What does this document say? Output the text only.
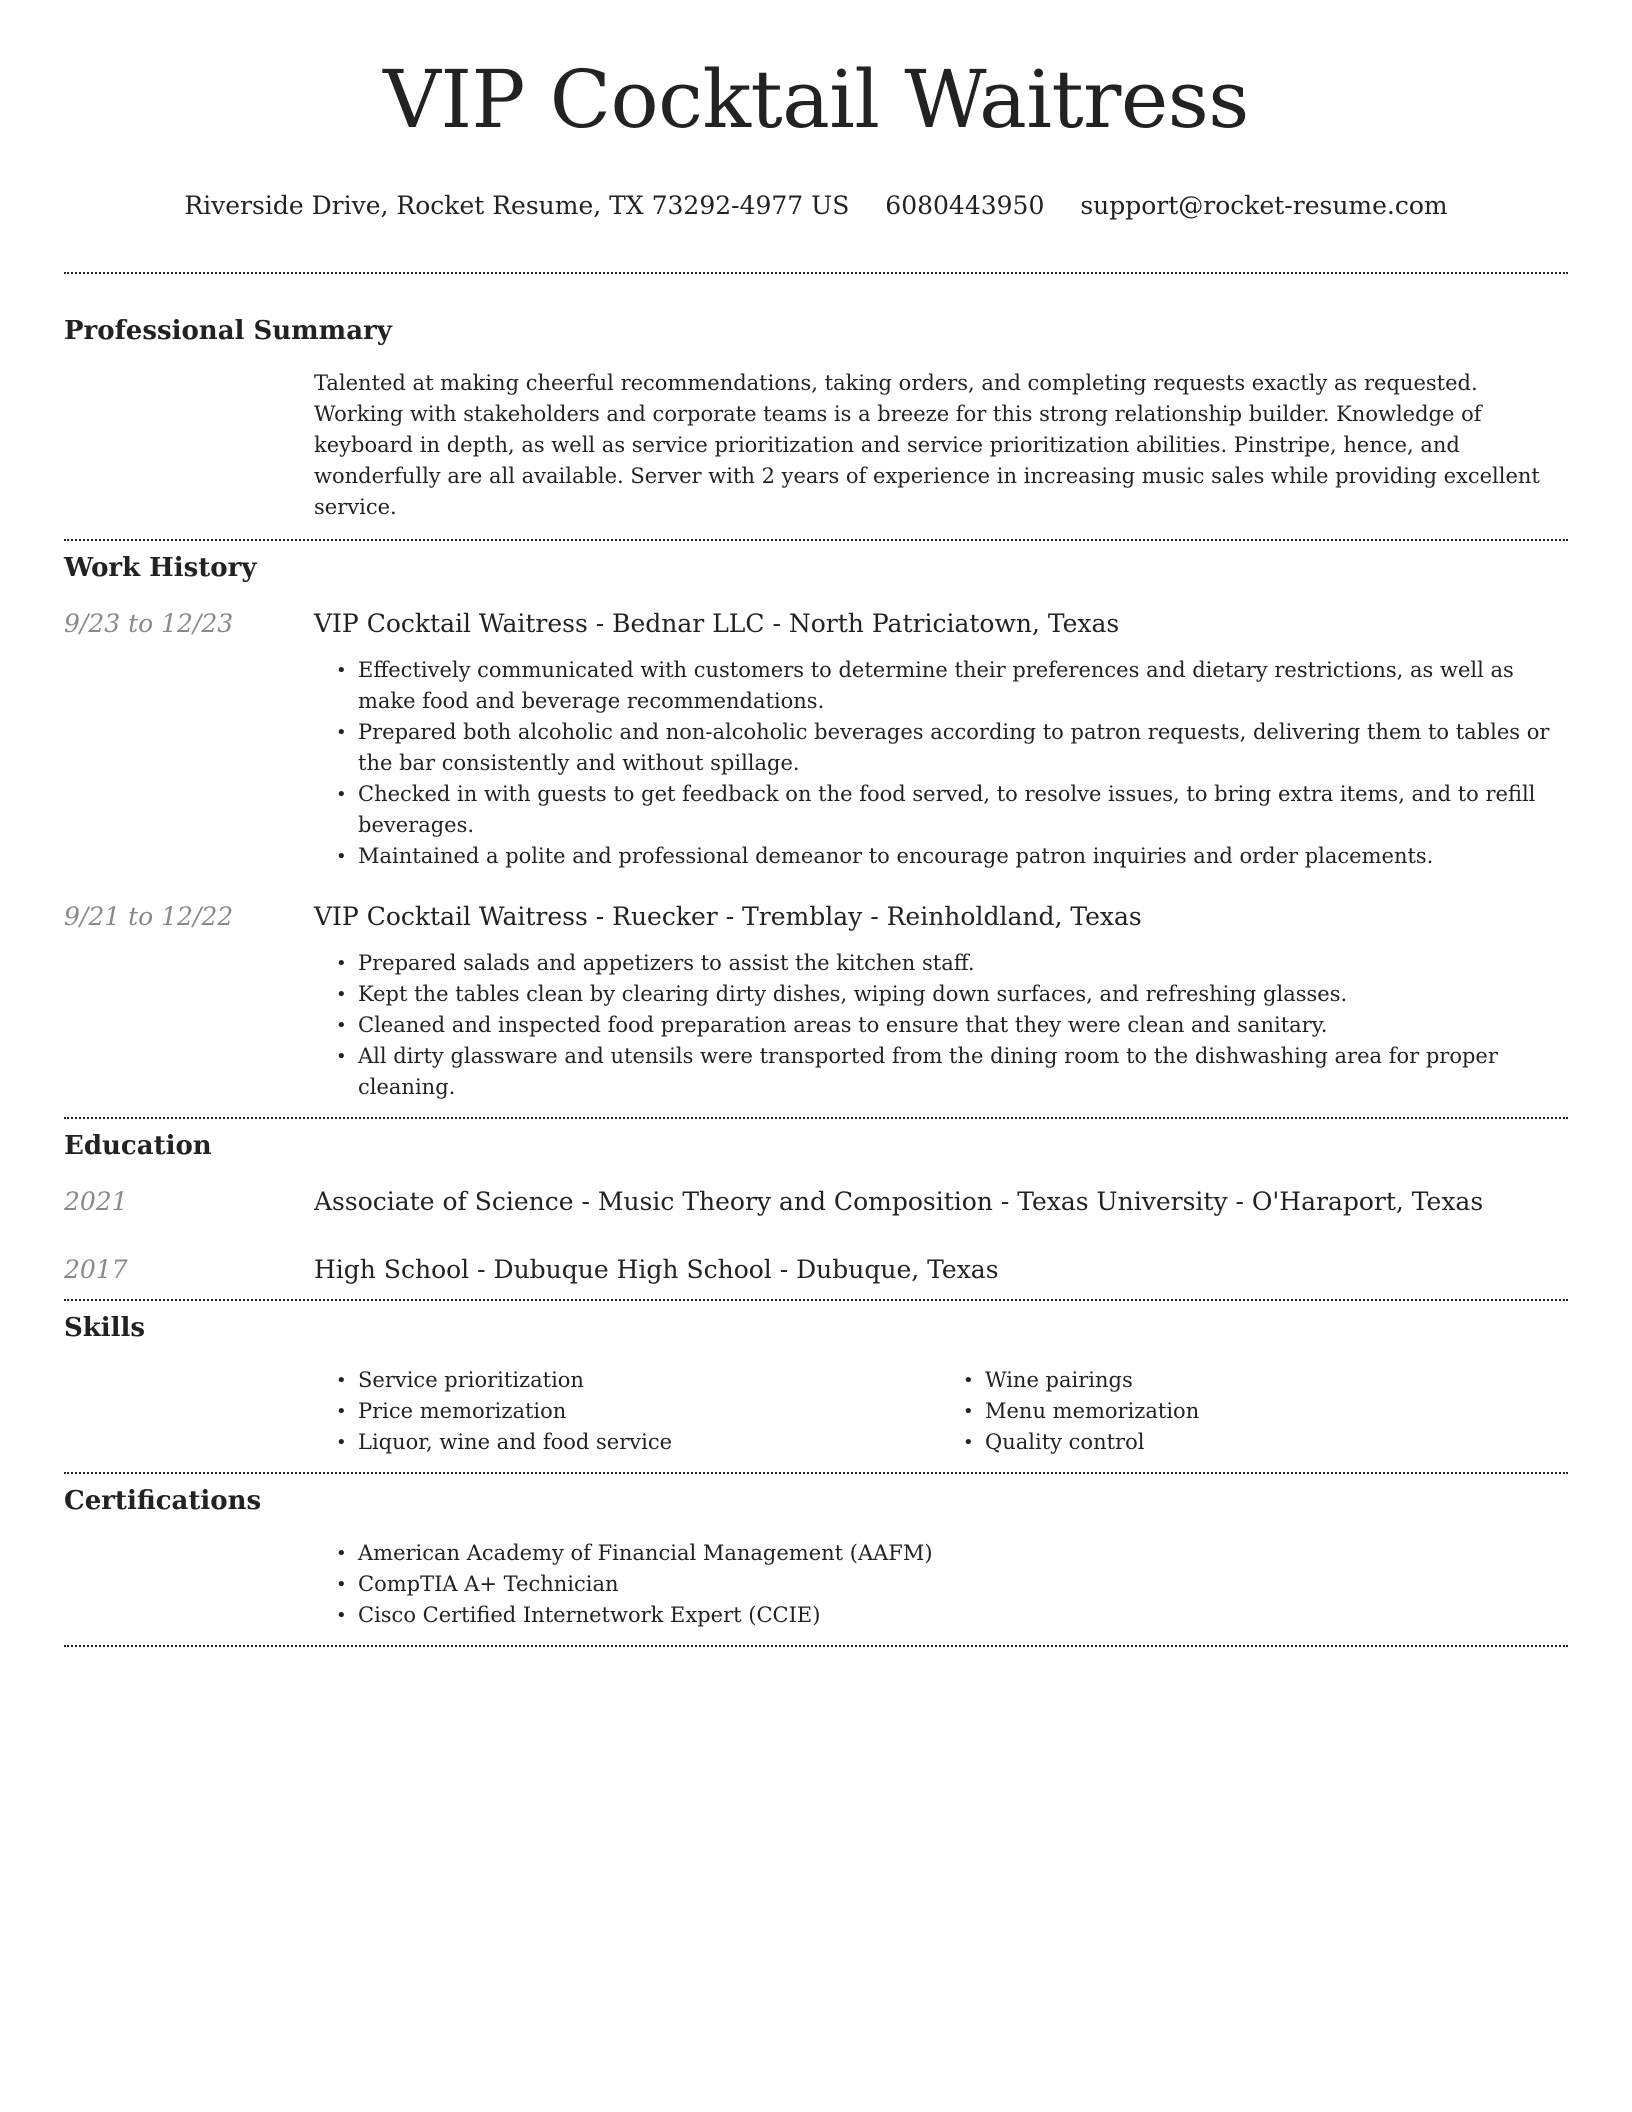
VIP Cocktail Waitress
Riverside Drive, Rocket Resume, TX 73292-4977 US 6080443950 support@rocket-resume.com
Professional Summary

Talented at making cheerful recommendations, taking orders, and completing requests exactly as requested. Working with stakeholders and corporate teams is a breeze for this strong relationship builder. Knowledge of keyboard in depth, as well as service prioritization and service prioritization abilities. Pinstripe, hence, and wonderfully are all available. Server with 2 years of experience in increasing music sales while providing excellent service.

Work History
9/23 to 12/23	VIP Cocktail Waitress - Bednar LLC - North Patriciatown, Texas
• Effectively communicated with customers to determine their preferences and dietary restrictions, as well as make food and beverage recommendations.
• Prepared both alcoholic and non-alcoholic beverages according to patron requests, delivering them to tables or the bar consistently and without spillage.
• Checked in with guests to get feedback on the food served, to resolve issues, to bring extra items, and to refill beverages.
• Maintained a polite and professional demeanor to encourage patron inquiries and order placements.
9/21 to 12/22	VIP Cocktail Waitress - Ruecker - Tremblay - Reinholdland, Texas
• Prepared salads and appetizers to assist the kitchen staff.
• Kept the tables clean by clearing dirty dishes, wiping down surfaces, and refreshing glasses.
• Cleaned and inspected food preparation areas to ensure that they were clean and sanitary.
• All dirty glassware and utensils were transported from the dining room to the dishwashing area for proper cleaning.
Education
2021	Associate of Science - Music Theory and Composition - Texas University - O'Haraport, Texas
2017	High School - Dubuque High School - Dubuque, Texas
Skills
• Service prioritization
• Price memorization
• Liquor, wine and food service
• Wine pairings
• Menu memorization
• Quality control
Certifications
• American Academy of Financial Management (AAFM)
• CompTIA A+ Technician
• Cisco Certified Internetwork Expert (CCIE)
